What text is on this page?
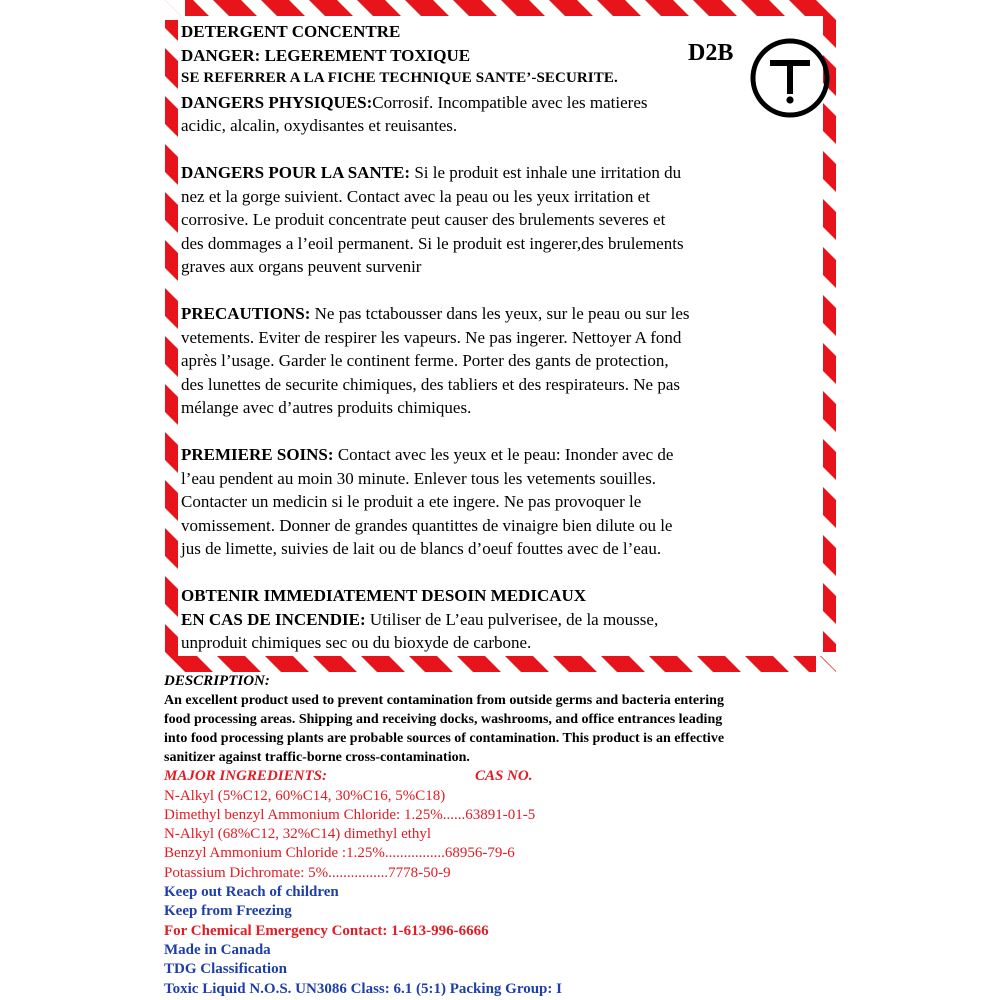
DETERGENT CONCENTRE
DANGER: LEGEREMENT TOXIQUE
SE REFERRER A LA FICHE TECHNIQUE SANTE’-SECURITE.

DANGERS PHYSIQUES:Corrosif. Incompatible avec les matieres
acidic, alcalin, oxydisantes et reuisantes.

DANGERS POUR LA SANTE: Si le produit est inhale une irritation du
nez et la gorge suivient. Contact avec la peau ou les yeux irritation et
corrosive. Le produit concentrate peut causer des brulements severes et
des dommages a l’eoil permanent. Si le produit est ingerer,des brulements
graves aux organs peuvent survenir

PRECAUTIONS: Ne pas tctabousser dans les yeux, sur le peau ou sur les
vetements. Eviter de respirer les vapeurs. Ne pas ingerer. Nettoyer A fond
après l’usage. Garder le continent ferme. Porter des gants de protection,
des lunettes de securite chimiques, des tabliers et des respirateurs. Ne pas
mélange avec d’autres produits chimiques.

PREMIERE SOINS: Contact avec les yeux et le peau: Inonder avec de
l’eau pendent au moin 30 minute. Enlever tous les vetements souilles.
Contacter un medicin si le produit a ete ingere. Ne pas provoquer le
vomissement. Donner de grandes quantittes de vinaigre bien dilute ou le
jus de limette, suivies de lait ou de blancs d’oeuf fouttes avec de l’eau.

OBTENIR IMMEDIATEMENT DESOIN MEDICAUX

EN CAS DE INCENDIE: Utiliser de L’eau pulverisee, de la mousse,
unproduit chimiques sec ou du bioxyde de carbone.

D2B

DESCRIPTION:

An excellent product used to prevent contamination from outside germs and bacteria entering

food processing areas. Shipping and receiving docks, washrooms, and office entrances leading

into food processing plants are probable sources of contamination. This product is an effective

sanitizer against traffic-borne cross-contamination.

MAJOR INGREDIENTS:	CAS NO.

N-Alkyl (5%C12, 60%C14, 30%C16, 5%C18)

Dimethyl benzyl Ammonium Chloride: 1.25%......63891-01-5

N-Alkyl (68%C12, 32%C14) dimethyl ethyl

Benzyl Ammonium Chloride :1.25%................68956-79-6

Potassium Dichromate: 5%................7778-50-9

Keep out Reach of children

Keep from Freezing

For Chemical Emergency Contact: 1-613-996-6666

Made in Canada

TDG Classification

Toxic Liquid N.O.S. UN3086 Class: 6.1 (5:1) Packing Group: I
